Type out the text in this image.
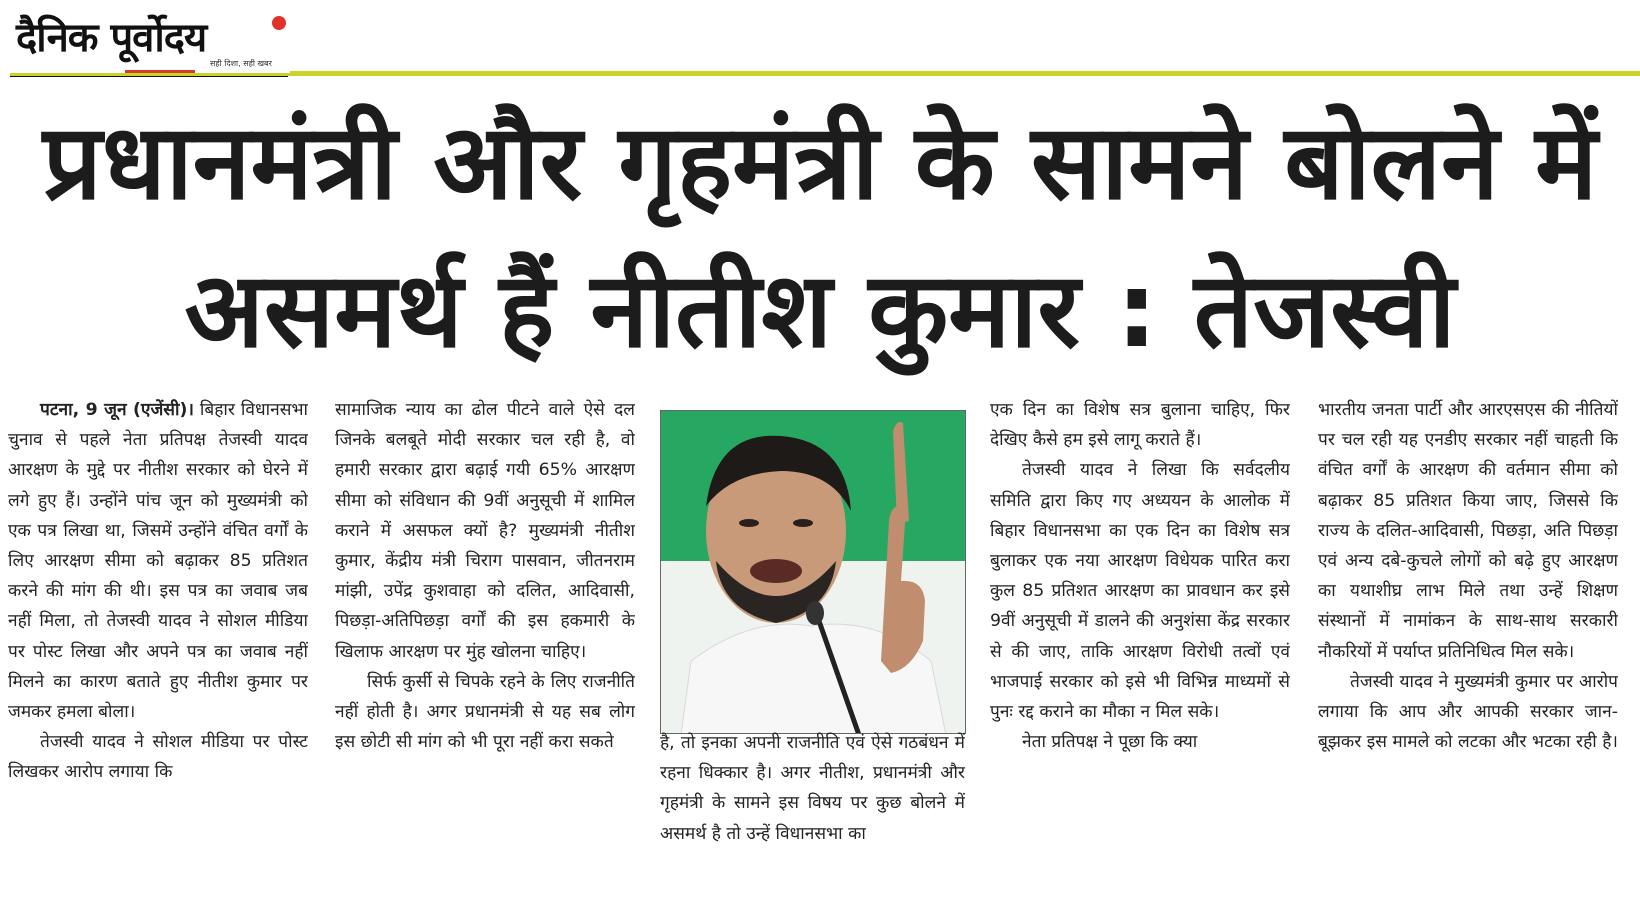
दैनिक पूर्वोदय
सही दिशा, सही खबर
प्रधानमंत्री और गृहमंत्री के सामने बोलने में
असमर्थ हैं नीतीश कुमार : तेजस्वी

पटना, 9 जून (एजेंसी)। बिहार विधानसभा चुनाव से पहले नेता प्रतिपक्ष तेजस्वी यादव आरक्षण के मुद्दे पर नीतीश सरकार को घेरने में लगे हुए हैं। उन्होंने पांच जून को मुख्यमंत्री को एक पत्र लिखा था, जिसमें उन्होंने वंचित वर्गों के लिए आरक्षण सीमा को बढ़ाकर 85 प्रतिशत करने की मांग की थी। इस पत्र का जवाब जब नहीं मिला, तो तेजस्वी यादव ने सोशल मीडिया पर पोस्ट लिखा और अपने पत्र का जवाब नहीं मिलने का कारण बताते हुए नीतीश कुमार पर जमकर हमला बोला।

तेजस्वी यादव ने सोशल मीडिया पर पोस्ट लिखकर आरोप लगाया कि

सामाजिक न्याय का ढोल पीटने वाले ऐसे दल जिनके बलबूते मोदी सरकार चल रही है, वो हमारी सरकार द्वारा बढ़ाई गयी 65% आरक्षण सीमा को संविधान की 9वीं अनुसूची में शामिल कराने में असफल क्यों है? मुख्यमंत्री नीतीश कुमार, केंद्रीय मंत्री चिराग पासवान, जीतनराम मांझी, उपेंद्र कुशवाहा को दलित, आदिवासी, पिछड़ा-अतिपिछड़ा वर्गों की इस हकमारी के खिलाफ आरक्षण पर मुंह खोलना चाहिए।

सिर्फ कुर्सी से चिपके रहने के लिए राजनीति नहीं होती है। अगर प्रधानमंत्री से यह सब लोग इस छोटी सी मांग को भी पूरा नहीं करा सकते	है, तो इनका अपनी राजनीति एवं ऐसे गठबंधन में रहना धिक्कार है। अगर नीतीश, प्रधानमंत्री और गृहमंत्री के सामने इस विषय पर कुछ बोलने में असमर्थ है तो उन्हें विधानसभा का

एक दिन का विशेष सत्र बुलाना चाहिए, फिर देखिए कैसे हम इसे लागू कराते हैं।

तेजस्वी यादव ने लिखा कि सर्वदलीय समिति द्वारा किए गए अध्ययन के आलोक में बिहार विधानसभा का एक दिन का विशेष सत्र बुलाकर एक नया आरक्षण विधेयक पारित करा कुल 85 प्रतिशत आरक्षण का प्रावधान कर इसे 9वीं अनुसूची में डालने की अनुशंसा केंद्र सरकार से की जाए, ताकि आरक्षण विरोधी तत्वों एवं भाजपाई सरकार को इसे भी विभिन्न माध्यमों से पुनः रद्द कराने का मौका न मिल सके।

नेता प्रतिपक्ष ने पूछा कि क्या

भारतीय जनता पार्टी और आरएसएस की नीतियों पर चल रही यह एनडीए सरकार नहीं चाहती कि वंचित वर्गों के आरक्षण की वर्तमान सीमा को बढ़ाकर 85 प्रतिशत किया जाए, जिससे कि राज्य के दलित-आदिवासी, पिछड़ा, अति पिछड़ा एवं अन्य दबे-कुचले लोगों को बढ़े हुए आरक्षण का यथाशीघ्र लाभ मिले तथा उन्हें शिक्षण संस्थानों में नामांकन के साथ-साथ सरकारी नौकरियों में पर्याप्त प्रतिनिधित्व मिल सके।

तेजस्वी यादव ने मुख्यमंत्री कुमार पर आरोप लगाया कि आप और आपकी सरकार जान-बूझकर इस मामले को लटका और भटका रही है।
